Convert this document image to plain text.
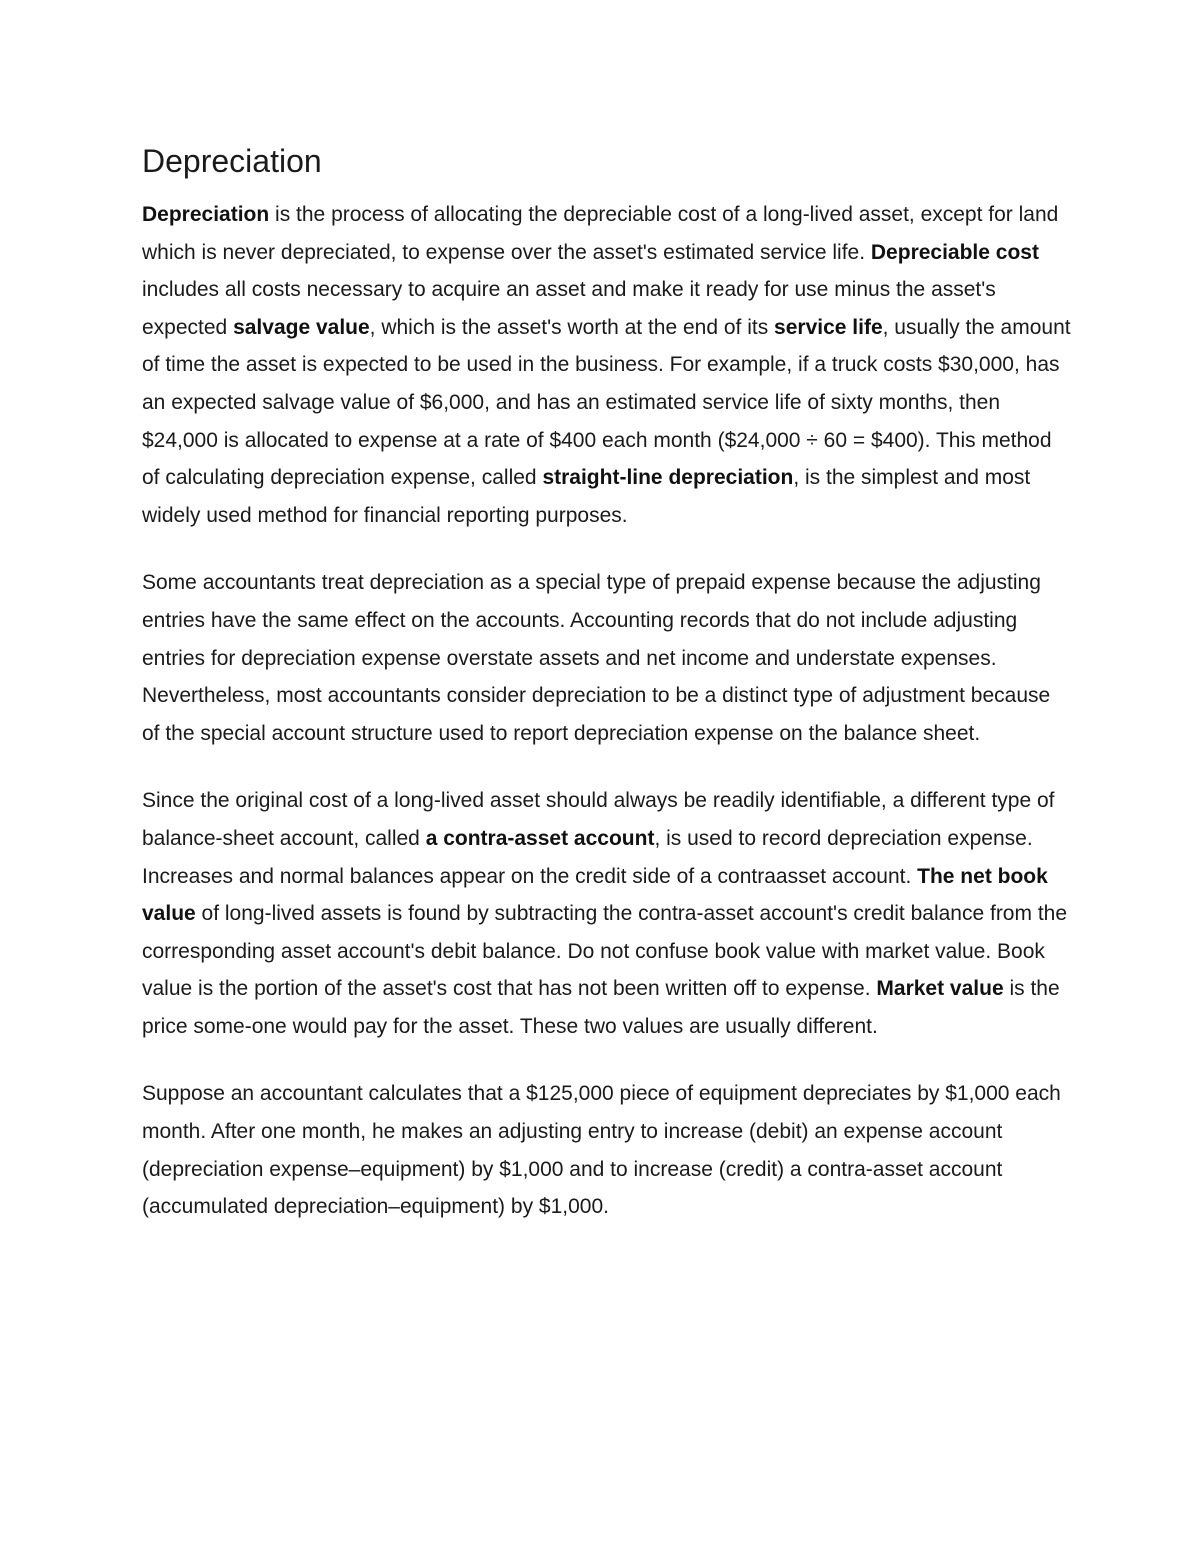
Depreciation

Depreciation is the process of allocating the depreciable cost of a long-lived asset, except for land which is never depreciated, to expense over the asset's estimated service life. Depreciable cost includes all costs necessary to acquire an asset and make it ready for use minus the asset's expected salvage value, which is the asset's worth at the end of its service life, usually the amount of time the asset is expected to be used in the business. For example, if a truck costs $30,000, has an expected salvage value of $6,000, and has an estimated service life of sixty months, then $24,000 is allocated to expense at a rate of $400 each month ($24,000 ÷ 60 = $400). This method of calculating depreciation expense, called straight-line depreciation, is the simplest and most widely used method for financial reporting purposes.

Some accountants treat depreciation as a special type of prepaid expense because the adjusting entries have the same effect on the accounts. Accounting records that do not include adjusting entries for depreciation expense overstate assets and net income and understate expenses. Nevertheless, most accountants consider depreciation to be a distinct type of adjustment because of the special account structure used to report depreciation expense on the balance sheet.

Since the original cost of a long-lived asset should always be readily identifiable, a different type of balance-sheet account, called a contra-asset account, is used to record depreciation expense. Increases and normal balances appear on the credit side of a contraasset account. The net book value of long-lived assets is found by subtracting the contra-asset account's credit balance from the corresponding asset account's debit balance. Do not confuse book value with market value. Book value is the portion of the asset's cost that has not been written off to expense. Market value is the price some-one would pay for the asset. These two values are usually different.

Suppose an accountant calculates that a $125,000 piece of equipment depreciates by $1,000 each month. After one month, he makes an adjusting entry to increase (debit) an expense account (depreciation expense–equipment) by $1,000 and to increase (credit) a contra-asset account (accumulated depreciation–equipment) by $1,000.
